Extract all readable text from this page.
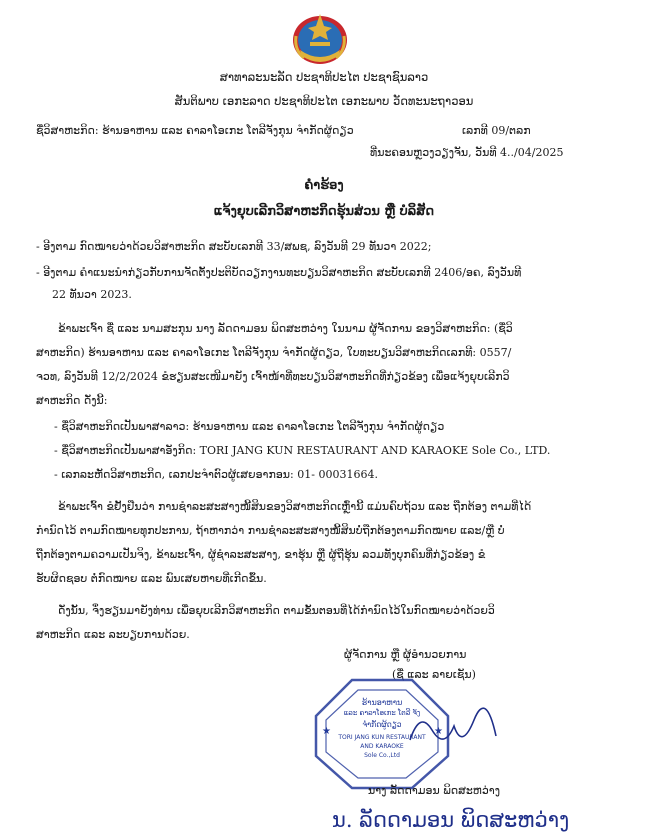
ສາທາລະນະລັດ ປະຊາທິປະໄຕ ປະຊາຊົນລາວ
ສັນຕິພາບ ເອກະລາດ ປະຊາທິປະໄຕ ເອກະພາບ ວັດທະນະຖາວອນ
ຊື່ວິສາຫະກິດ: ຮ້ານອາຫານ ແລະ ຄາລາໂອເກະ ໂຕລີຈັງກຸນ ຈຳກັດຜູ້ດຽວ	ເລກທີ 09/ຕລກ
ທີ່ນະຄອນຫຼວງວຽງຈັນ, ວັນທີ 4../04/2025
ຄຳຮ້ອງ
ແຈ້ງຍຸບເລີກວິສາຫະກິດຮຸ້ນສ່ວນ ຫຼື ບໍລິສັດ
- ອີງຕາມ ກົດໝາຍວ່າດ້ວຍວິສາຫະກິດ ສະບັບເລກທີ 33/ສພຊ, ລົງວັນທີ 29 ທັນວາ 2022;
- ອີງຕາມ ຄຳແນະນຳກ່ຽວກັບການຈັດຕັ້ງປະຕິບັດວຽກງານທະບຽນວິສາຫະກິດ ສະບັບເລກທີ 2406/ອຄ, ລົງວັນທີ
22 ທັນວາ 2023.
ຂ້າພະເຈົ້າ ຊື່ ແລະ ນາມສະກຸນ ນາງ ລັດດາມອນ ພິດສະຫວ່າງ ໃນນາມ ຜູ້ຈັດການ ຂອງວິສາຫະກິດ: (ຊື່ວິ
ສາຫະກິດ) ຮ້ານອາຫານ ແລະ ຄາລາໂອເກະ ໂຕລີຈັງກຸນ ຈຳກັດຜູ້ດຽວ, ໃບທະບຽນວິສາຫະກິດເລກທີ: 0557/
ຈວທ, ລົງວັນທີ 12/2/2024 ຂໍຮຽນສະເໜີມາຍັງ ເຈົ້າໜ້າທີ່ທະບຽນວິສາຫະກິດທີ່ກ່ຽວຂ້ອງ ເພື່ອແຈ້ງຍຸບເລີກວິ
ສາຫະກິດ ດັ່ງນີ້:
- ຊື່ວິສາຫະກິດເປັນພາສາລາວ: ຮ້ານອາຫານ ແລະ ຄາລາໂອເກະ ໂຕລີຈັງກຸນ ຈຳກັດຜູ້ດຽວ
- ຊື່ວິສາຫະກິດເປັນພາສາອັງກິດ: TORI JANG KUN RESTAURANT AND KARAOKE Sole Co., LTD.
- ເລກລະຫັດວິສາຫະກິດ, ເລກປະຈຳຕົວຜູ້ເສຍອາກອນ: 01- 00031664.
ຂ້າພະເຈົ້າ ຂໍຢັ້ງຢືນວ່າ ການຊຳລະສະສາງໜີ້ສິນຂອງວິສາຫະກິດເຫຼົ່ານີ້ ແມ່ນຄົບຖ້ວນ ແລະ ຖືກຕ້ອງ ຕາມທີ່ໄດ້
ກຳນົດໄວ້ ຕາມກົດໝາຍທຸກປະການ, ຖ້າຫາກວ່າ ການຊຳລະສະສາງໜີ້ສິນບໍ່ຖືກຕ້ອງຕາມກົດໝາຍ ແລະ/ຫຼື ບໍ່
ຖືກຕ້ອງຕາມຄວາມເປັນຈິງ, ຂ້າພະເຈົ້າ, ຜູ້ຊຳລະສະສາງ, ຂາຮຸ້ນ ຫຼື ຜູ້ຖືຮຸ້ນ ລວມທັງບຸກຄົນທີ່ກ່ຽວຂ້ອງ ຂໍ
ຮັບຜິດຊອບ ຕໍ່ກົດໝາຍ ແລະ ພົນເສຍຫາຍທີ່ເກີດຂຶ້ນ.
ດັ່ງນັ້ນ, ຈຶ່ງຮຽນມາຍັງທ່ານ ເພື່ອຍຸບເລີກວິສາຫະກິດ ຕາມຂັ້ນຕອນທີ່ໄດ້ກຳນົດໄວ້ໃນກົດໝາຍວ່າດ້ວຍວິ
ສາຫະກິດ ແລະ ລະບຽບການດ້ວຍ.
ຜູ້ຈັດການ ຫຼື ຜູ້ອຳນວຍການ
(ຊື່ ແລະ ລາຍເຊັນ)
★	★
ຮ້ານອາຫານ
ແລະ ຄາລາໂອເກະ ໂຕລີ ຈັງ
ຈຳກັດຜູ້ດຽວ
TORI JANG KUN RESTAURANT
AND KARAOKE
Sole Co.,Ltd
ນາງ ລັດດາມອນ ພິດສະຫວ່າງ
ນ. ລັດດາມອນ ພິດສະຫວ່າງ
